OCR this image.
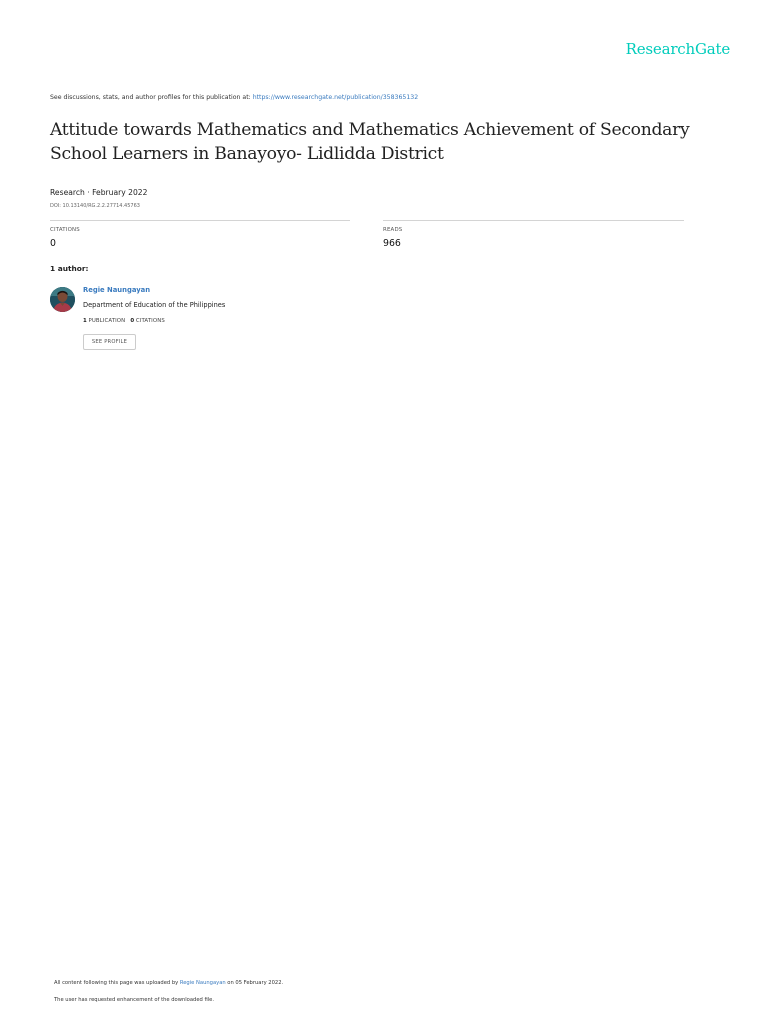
ResearchGate
See discussions, stats, and author profiles for this publication at: https://www.researchgate.net/publication/358365132
Attitude towards Mathematics and Mathematics Achievement of Secondary School Learners in Banayoyo- Lidlidda District
Research · February 2022
DOI: 10.13140/RG.2.2.27714.45763
CITATIONS
0
READS
966
1 author:
Regie Naungayan
Department of Education of the Philippines
1 PUBLICATION 0 CITATIONS
SEE PROFILE
All content following this page was uploaded by Regie Naungayan on 05 February 2022.
The user has requested enhancement of the downloaded file.
